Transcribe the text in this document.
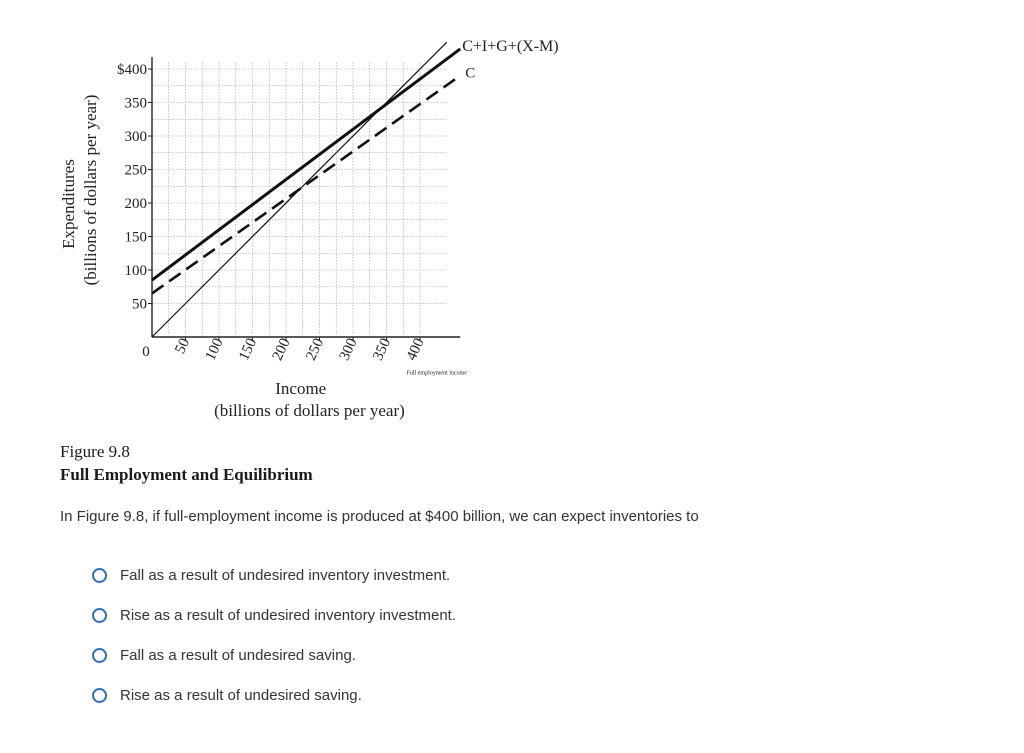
$400
350
300
250
200
150
100
50
0 50 100 150 200 250 300 350 400
C+I+G+(X-M)
C
Full employment income
Income
(billions of dollars per year)
Expenditures (billions of dollars per year)
Figure 9.8
Full Employment and Equilibrium
In Figure 9.8, if full-employment income is produced at $400 billion, we can expect inventories to
Fall as a result of undesired inventory investment.
Rise as a result of undesired inventory investment.
Fall as a result of undesired saving.
Rise as a result of undesired saving.
